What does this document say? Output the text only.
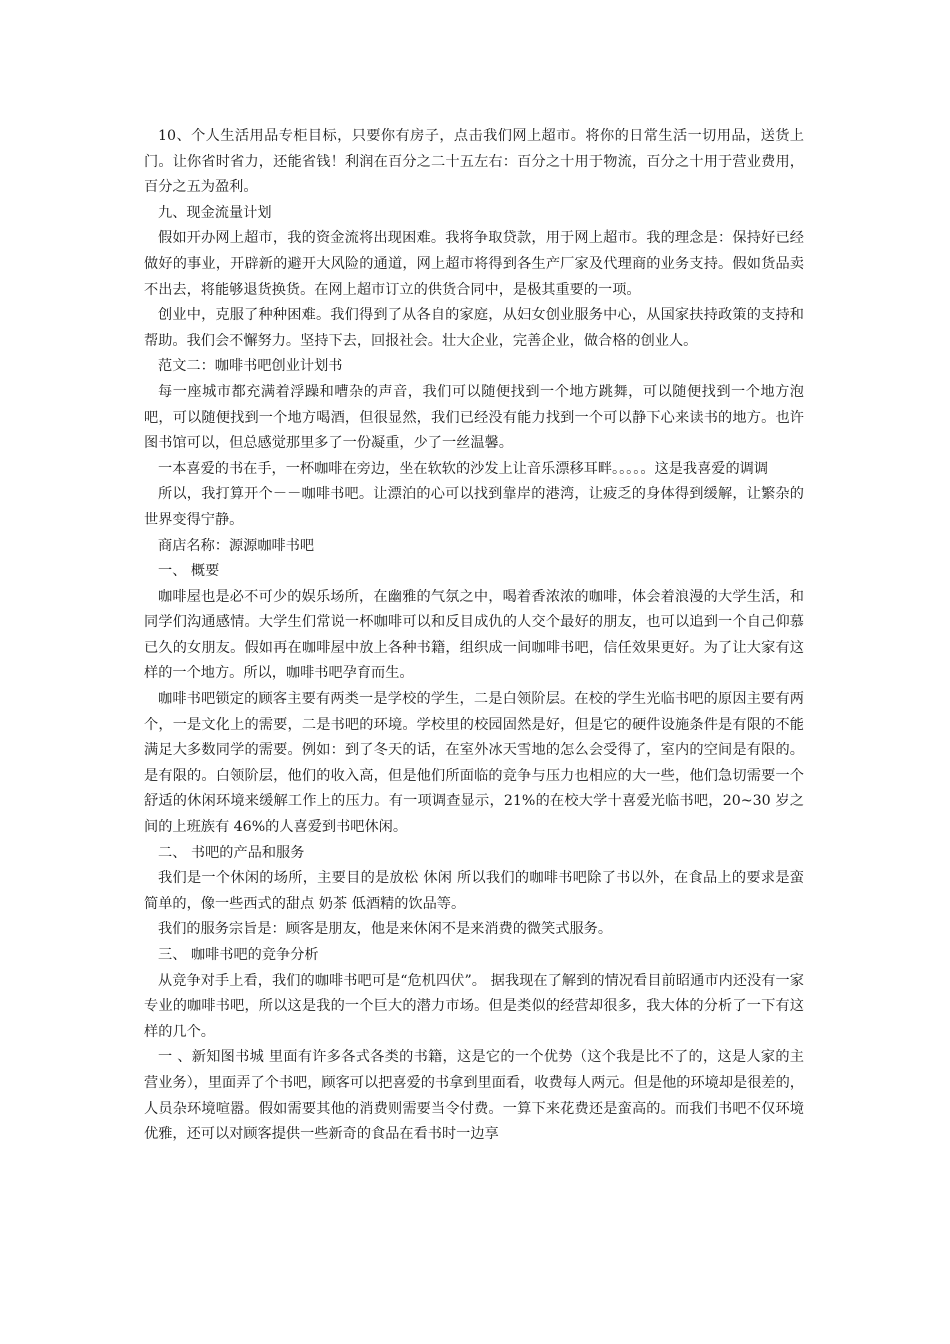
10、个人生活用品专柜目标，只要你有房子，点击我们网上超市。将你的日常生活一切用品，送货上门。让你省时省力，还能省钱！利润在百分之二十五左右：百分之十用于物流，百分之十用于营业费用，百分之五为盈利。

九、现金流量计划

假如开办网上超市，我的资金流将出现困难。我将争取贷款，用于网上超市。我的理念是：保持好已经做好的事业，开辟新的避开大风险的通道，网上超市将得到各生产厂家及代理商的业务支持。假如货品卖不出去，将能够退货换货。在网上超市订立的供货合同中，是极其重要的一项。

创业中，克服了种种困难。我们得到了从各自的家庭，从妇女创业服务中心，从国家扶持政策的支持和帮助。我们会不懈努力。坚持下去，回报社会。壮大企业，完善企业，做合格的创业人。

范文二：咖啡书吧创业计划书

每一座城市都充满着浮躁和嘈杂的声音，我们可以随便找到一个地方跳舞，可以随便找到一个地方泡吧，可以随便找到一个地方喝酒，但很显然，我们已经没有能力找到一个可以静下心来读书的地方。也许图书馆可以，但总感觉那里多了一份凝重，少了一丝温馨。

一本喜爱的书在手，一杯咖啡在旁边，坐在软软的沙发上让音乐漂移耳畔。。。。。这是我喜爱的调调

所以，我打算开个－－咖啡书吧。让漂泊的心可以找到靠岸的港湾，让疲乏的身体得到缓解，让繁杂的世界变得宁静。

商店名称：源源咖啡书吧

一、 概要

咖啡屋也是必不可少的娱乐场所，在幽雅的气氛之中，喝着香浓浓的咖啡，体会着浪漫的大学生活，和同学们沟通感情。大学生们常说一杯咖啡可以和反目成仇的人交个最好的朋友，也可以追到一个自己仰慕已久的女朋友。假如再在咖啡屋中放上各种书籍，组织成一间咖啡书吧，信任效果更好。为了让大家有这样的一个地方。所以，咖啡书吧孕育而生。

咖啡书吧锁定的顾客主要有两类一是学校的学生，二是白领阶层。在校的学生光临书吧的原因主要有两个，一是文化上的需要，二是书吧的环境。学校里的校园固然是好，但是它的硬件设施条件是有限的不能满足大多数同学的需要。例如：到了冬天的话，在室外冰天雪地的怎么会受得了，室内的空间是有限的。是有限的。白领阶层，他们的收入高，但是他们所面临的竞争与压力也相应的大一些，他们急切需要一个舒适的休闲环境来缓解工作上的压力。有一项调查显示，21%的在校大学十喜爱光临书吧，20~30 岁之间的上班族有 46%的人喜爱到书吧休闲。

二、 书吧的产品和服务

我们是一个休闲的场所，主要目的是放松 休闲 所以我们的咖啡书吧除了书以外，在食品上的要求是蛮简单的，像一些西式的甜点 奶茶 低酒精的饮品等。

我们的服务宗旨是：顾客是朋友，他是来休闲不是来消费的微笑式服务。

三、 咖啡书吧的竞争分析

从竞争对手上看，我们的咖啡书吧可是“危机四伏”。 据我现在了解到的情况看目前昭通市内还没有一家专业的咖啡书吧，所以这是我的一个巨大的潜力市场。但是类似的经营却很多，我大体的分析了一下有这样的几个。

一 、新知图书城 里面有许多各式各类的书籍，这是它的一个优势（这个我是比不了的，这是人家的主营业务），里面弄了个书吧，顾客可以把喜爱的书拿到里面看，收费每人两元。但是他的环境却是很差的，人员杂环境喧嚣。假如需要其他的消费则需要当令付费。一算下来花费还是蛮高的。而我们书吧不仅环境优雅，还可以对顾客提供一些新奇的食品在看书时一边享
